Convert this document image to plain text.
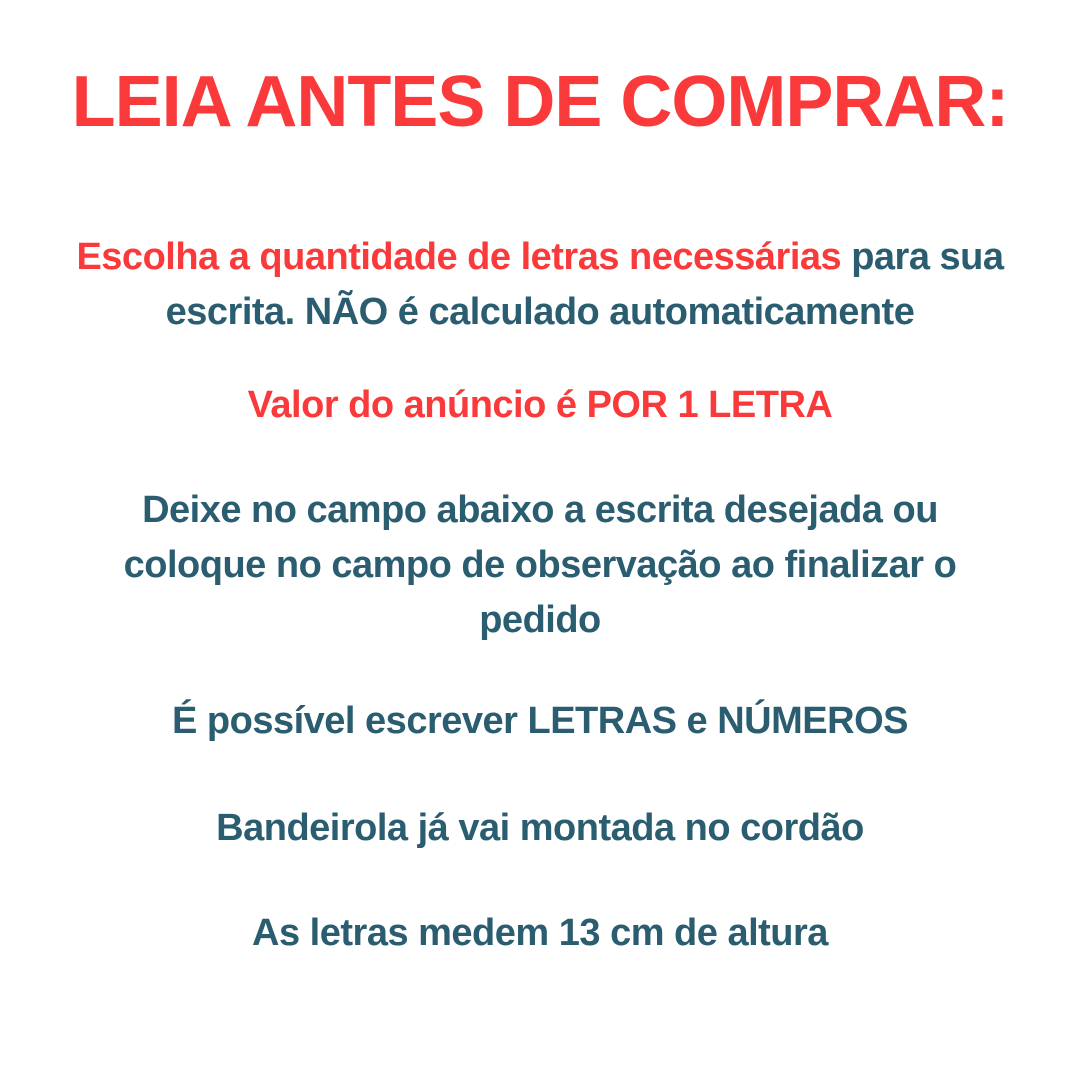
LEIA ANTES DE COMPRAR:

Escolha a quantidade de letras necessárias para sua
escrita. NÃO é calculado automaticamente

Valor do anúncio é POR 1 LETRA

Deixe no campo abaixo a escrita desejada ou
coloque no campo de observação ao finalizar o
pedido

É possível escrever LETRAS e NÚMEROS

Bandeirola já vai montada no cordão

As letras medem 13 cm de altura
